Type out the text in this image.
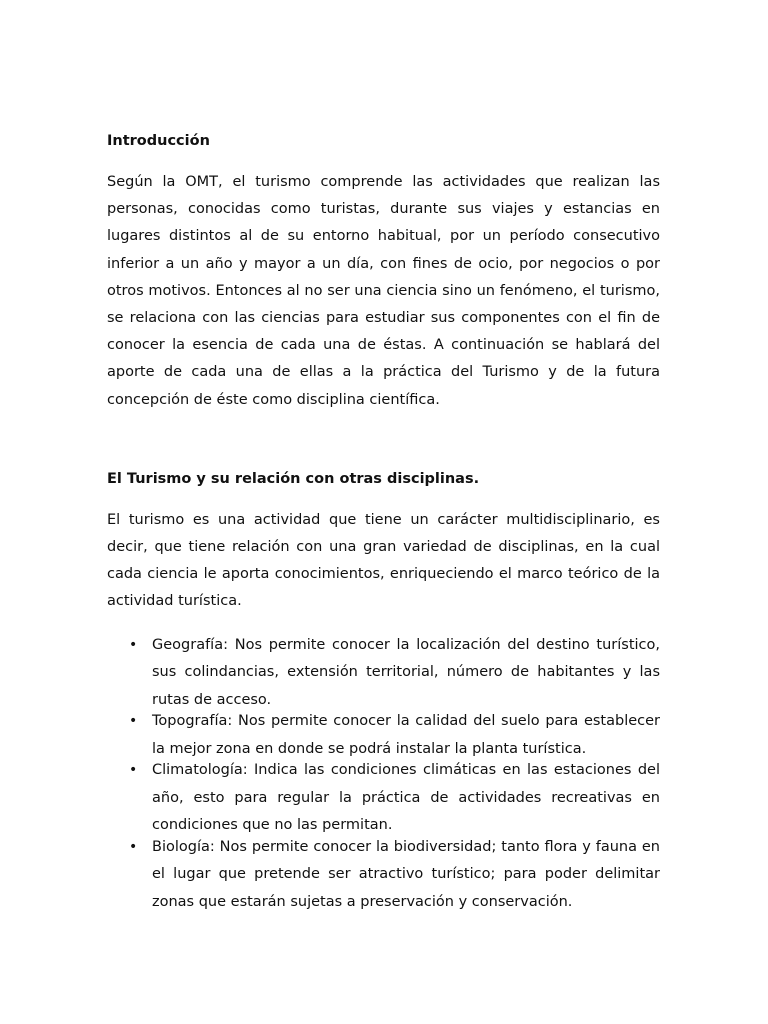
Introducción

Según la OMT, el turismo comprende las actividades que realizan las personas, conocidas como turistas, durante sus viajes y estancias en lugares distintos al de su entorno habitual, por un período consecutivo inferior a un año y mayor a un día, con fines de ocio, por negocios o por otros motivos. Entonces al no ser una ciencia sino un fenómeno, el turismo, se relaciona con las ciencias para estudiar sus componentes con el fin de conocer la esencia de cada una de éstas. A continuación se hablará del aporte de cada una de ellas a la práctica del Turismo y de la futura concepción de éste como disciplina científica.

El Turismo y su relación con otras disciplinas.

El turismo es una actividad que tiene un carácter multidisciplinario, es decir, que tiene relación con una gran variedad de disciplinas, en la cual cada ciencia le aporta conocimientos, enriqueciendo el marco teórico de la actividad turística.

• Geografía: Nos permite conocer la localización del destino turístico, sus colindancias, extensión territorial, número de habitantes y las rutas de acceso.
• Topografía: Nos permite conocer la calidad del suelo para establecer la mejor zona en donde se podrá instalar la planta turística.
• Climatología: Indica las condiciones climáticas en las estaciones del año, esto para regular la práctica de actividades recreativas en condiciones que no las permitan.
• Biología: Nos permite conocer la biodiversidad; tanto flora y fauna en el lugar que pretende ser atractivo turístico; para poder delimitar zonas que estarán sujetas a preservación y conservación.
